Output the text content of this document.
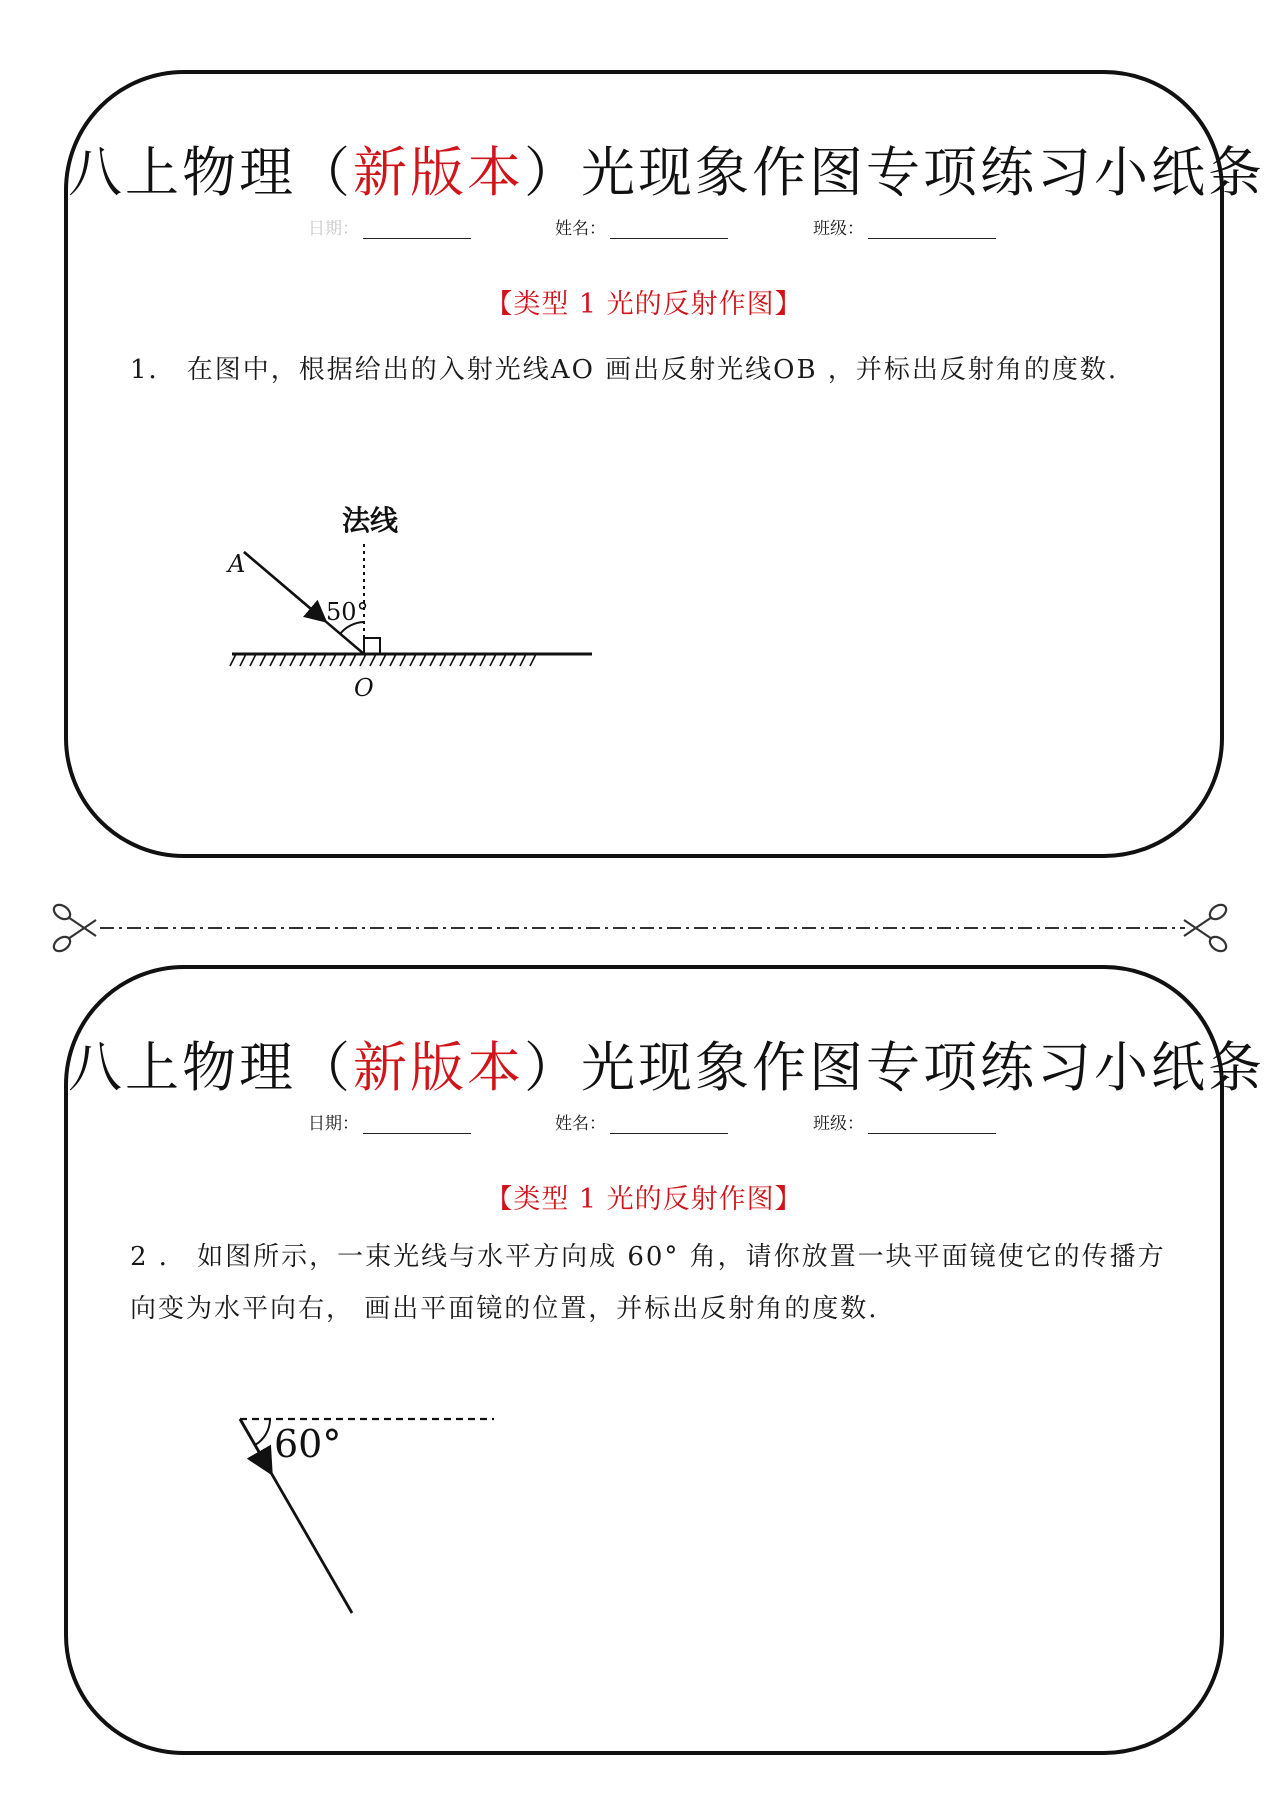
八上物理（新版本）光现象作图专项练习小纸条
日期：	姓名：	班级：
【类型 1 光的反射作图】
1． 在图中，根据给出的入射光线AO 画出反射光线OB ，并标出反射角的度数.
法线
A
50°
O
八上物理（新版本）光现象作图专项练习小纸条
日期：	姓名：	班级：
【类型 1 光的反射作图】
2 ． 如图所示，一束光线与水平方向成 60° 角，请你放置一块平面镜使它的传播方向变为水平向右， 画出平面镜的位置，并标出反射角的度数.
60°
